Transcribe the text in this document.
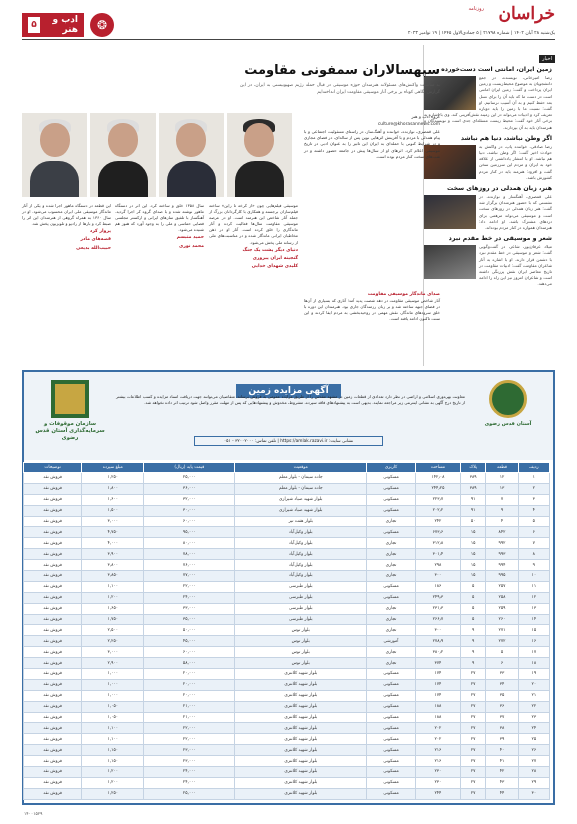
خراسان
روزنامه
یک‌شنبه ۲۸ آبان ۱۴۰۲ | شماره ۲۱۷۹۸ | ۵ جمادی‌الاول ۱۴۴۵ | ۱۹ نوامبر ۲۰۲۳
❂
ادب و هنر
۵
اخبار
زمین ایران، امانتی است دست‌خورده
رضا امیرخانی، نویسنده، در جمع دانشجویان به موضوع محیط‌زیست و زمین ایران پرداخت و گفت: زمین ایران امانتی است در دست ما که باید آن را برای نسل بعد حفظ کنیم و به آن آسیب نرسانیم. او گفت: نسبت ما با زمین را باید دوباره تعریف کرد و ادبیات می‌تواند در این زمینه نقش‌آفرینی کند. وی با اشاره به برخی آثار خود گفت: محیط زیست مسئله‌ای جدی است و نویسندگان و هنرمندان باید به آن بپردازند.
اگر وطن نباشد، دنیا هم نباشد
رضا صادقی، خواننده پاپ، در واکنش به حوادث اخیر گفت: اگر وطن نباشد، دنیا هم نباشد. او با انتشار یادداشتی از علاقه خود به ایران و مردم این سرزمین سخن گفت و افزود: هنرمند باید در کنار مردم کشورش باشد.
هنر، زبان همدلی در روزهای سخت
علی قمصری، آهنگساز و نوازنده، در نشستی که با حضور هنرمندان برگزار شد گفت: هنر زبان همدلی در روزهای سخت است و موسیقی می‌تواند مرهمی برای دردهای مشترک باشد. او ادامه داد: هنرمندان همواره در کنار مردم بوده‌اند.
شعر و موسیقی در خط مقدم نبرد
میلاد عرفان‌پور، شاعر، در گفت‌وگویی گفت: شعر و موسیقی در خط مقدم نبرد با دشمن قرار دارند. او با اشاره به آثار شاعران مقاومت گفت: ادبیات مقاومت در تاریخ معاصر ایران نقش پررنگی داشته است و شاعران امروز نیز این راه را ادامه می‌دهند.
سپهسالاران سمفونی مقاومت

به مناسبت واکنش‌های مسئولانه هنرمندان حوزه موسیقی در قبال حمله رژیم صهیونیستی به ایران، در این گزارش نگاهی کوتاه بر برخی آثار موسیقی مقاومت ایران انداخته‌ایم

گروه ادب و هنر
culture@khorasannews.com

علی قمصری، نوازنده، خواننده و آهنگ‌ساز، در راستای مسئولیت اجتماعی و با پیام همدلی با مردم و با آفرینش اثرهایی نوین پس از ساله‌ای، در فضای مجازی و در شرایط کنونی با حمله‌ای به ایران این تاثیر را به عنوان ادبی در تاریخ موسیقی اعلام کرد. اثرهای او از سال‌ها پیش در جامعه حضور داشته و در شب‌های سخت کنار مردم بوده است.

صدای ماندگار موسیقی مقاومت

آثار شاخص موسیقی مقاومت در دهه شصت پدید آمد؛ آثاری که بسیاری از آن‌ها در فضای جبهه ساخته شد و بر زبان رزمندگان جاری بود. هنرمندان این دوره با خلق سرودهای ماندگار، نقش مهمی در روحیه‌بخشی به مردم ایفا کردند و این سنت تاکنون ادامه یافته است.

موسیقی فیلم‌هایی چون «از کرخه تا راین» ساخته فیلم‌سازان برجسته و همکاری با کارگردانان بزرگ از جمله آثار شاخص این هنرمند است. او در عرصه موسیقی مقاومت سال‌ها فعالیت کرده و آثار ماندگاری را خلق کرده است. آثار او در ذهن مخاطبان ایرانی ماندگار شده و در مناسبت‌های ملی از رسانه ملی پخش می‌شود.

دنیای دیگر پشت یک جنگ
گنجینه ایران پیروزی
کلیدی شهدای خدایی

سال ۱۳۵۸ خلق و ساخته کرد. این اثر در دستگاه ماهور نوشته شده و با صدای گروه کر اجرا گردید. آهنگساز با تلفیق سازهای ایرانی و ارکستر مجلسی فضایی حماسی و ملی را به وجود آورد که هنوز هم شنیده می‌شود.

حمید متبسم
محمد نوری

این قطعه در دستگاه ماهور اجرا شده و یکی از آثار ماندگار موسیقی ملی ایران محسوب می‌شود. او در سال ۱۳۶۰ به همراه گروهی از هنرمندان این اثر را ضبط کرد و بارها از رادیو و تلویزیون پخش شد.

پرواز کرد
قصه‌های مادر
حبیب‌الله بدیعی
آگهی مزایده زمین

معاونت بهره‌وری اسلامی و اراضی در نظر دارد تعدادی از قطعات زمین در مشهد مقدس را از طریق مزایده عمومی به فروش برساند. متقاضیان می‌توانند جهت دریافت اسناد مزایده و کسب اطلاعات بیشتر از تاریخ درج آگهی به نشانی اینترنتی زیر مراجعه نمایند. بدیهی است به پیشنهادهای فاقد سپرده، مشروط، مخدوش و پیشنهادهایی که پس از مهلت مقرر واصل شود ترتیب اثر داده نخواهد شد.

نشانی سایت: https://amlak.razavi.ir | تلفن تماس: ۳۲۰۰۲۰۰۰ - ۰۵۱
آستان قدس رضوی
سازمان موقوفات و سرمایه‌گذاری آستان قدس رضوی
ردیف	قطعه	پلاک	مساحت	کاربری	موقعیت	قیمت پایه (ریال)	مبلغ سپرده	توضیحات
۱	۱۲	۳۸۹	۱۴۲٫۰۸	مسکونی	جاده سیمان - بلوار معلم	۲۵,۰۰۰	۱,۲۵۰	فروش نقد
۲	۱۳	۳۸۹	۲۴۴٫۲۵	مسکونی	جاده سیمان - بلوار معلم	۳۶,۰۰۰	۱,۸۰۰	فروش نقد
۳	۷	۹۱	۲۲۳٫۷	مسکونی	بلوار شهید صیاد شیرازی	۳۲,۰۰۰	۱,۶۰۰	فروش نقد
۴	۹	۹۱	۲۰۲٫۲	مسکونی	بلوار شهید صیاد شیرازی	۳۰,۰۰۰	۱,۵۰۰	فروش نقد
۵	۴	۵۰	۲۴۲	تجاری	بلوار هفت تیر	۶۰,۰۰۰	۳,۰۰۰	فروش نقد
۶	۸۴۲	۱۵	۶۷۳٫۶	مسکونی	بلوار وکیل‌آباد	۹۵,۰۰۰	۴,۷۵۰	فروش نقد
۷	۹۹۲	۱۵	۳۱۲٫۸	تجاری	بلوار وکیل‌آباد	۸۰,۰۰۰	۴,۰۰۰	فروش نقد
۸	۹۹۳	۱۵	۳۰۱٫۴	تجاری	بلوار وکیل‌آباد	۷۸,۰۰۰	۳,۹۰۰	فروش نقد
۹	۹۹۴	۱۵	۲۹۸	تجاری	بلوار وکیل‌آباد	۷۶,۰۰۰	۳,۸۰۰	فروش نقد
۱۰	۹۹۵	۱۵	۳۰۰	تجاری	بلوار وکیل‌آباد	۷۷,۰۰۰	۳,۸۵۰	فروش نقد
۱۱	۲۵۷	۵	۱۸۶	مسکونی	بلوار طبرسی	۲۲,۰۰۰	۱,۱۰۰	فروش نقد
۱۲	۲۵۸	۵	۲۴۹٫۳	مسکونی	بلوار طبرسی	۲۴,۰۰۰	۱,۲۰۰	فروش نقد
۱۳	۲۵۹	۵	۲۳۱٫۳	تجاری	بلوار طبرسی	۳۳,۰۰۰	۱,۶۵۰	فروش نقد
۱۴	۲۶۰	۵	۲۶۶٫۷	تجاری	بلوار طبرسی	۳۵,۰۰۰	۱,۷۵۰	فروش نقد
۱۵	۲۷۱	۹	۳۰۰	تجاری	بلوار توس	۵۰,۰۰۰	۲,۵۰۰	فروش نقد
۱۶	۲۷۲	۹	۲۷۸٫۹	آموزشی	بلوار توس	۴۵,۰۰۰	۲,۲۵۰	فروش نقد
۱۷	۵	۹	۳۸۰٫۲	تجاری	بلوار توس	۶۰,۰۰۰	۳,۰۰۰	فروش نقد
۱۸	۶	۹	۳۷۴	تجاری	بلوار توس	۵۸,۰۰۰	۲,۹۰۰	فروش نقد
۱۹	۳۳	۲۷	۱۷۴	مسکونی	بلوار شهید کلانتری	۲۰,۰۰۰	۱,۰۰۰	فروش نقد
۲۰	۳۴	۲۷	۱۷۴	مسکونی	بلوار شهید کلانتری	۲۰,۰۰۰	۱,۰۰۰	فروش نقد
۲۱	۳۵	۲۷	۱۷۴	مسکونی	بلوار شهید کلانتری	۲۰,۰۰۰	۱,۰۰۰	فروش نقد
۲۲	۳۶	۲۷	۱۸۸	مسکونی	بلوار شهید کلانتری	۲۱,۰۰۰	۱,۰۵۰	فروش نقد
۲۳	۳۷	۲۷	۱۸۸	مسکونی	بلوار شهید کلانتری	۲۱,۰۰۰	۱,۰۵۰	فروش نقد
۲۴	۳۸	۲۷	۲۰۲	مسکونی	بلوار شهید کلانتری	۲۲,۰۰۰	۱,۱۰۰	فروش نقد
۲۵	۳۹	۲۷	۲۰۲	مسکونی	بلوار شهید کلانتری	۲۲,۰۰۰	۱,۱۰۰	فروش نقد
۲۶	۴۰	۲۷	۲۱۶	مسکونی	بلوار شهید کلانتری	۲۳,۰۰۰	۱,۱۵۰	فروش نقد
۲۷	۴۱	۲۷	۲۱۶	مسکونی	بلوار شهید کلانتری	۲۳,۰۰۰	۱,۱۵۰	فروش نقد
۲۸	۴۲	۲۷	۲۳۰	مسکونی	بلوار شهید کلانتری	۲۴,۰۰۰	۱,۲۰۰	فروش نقد
۲۹	۴۳	۲۷	۲۳۰	مسکونی	بلوار شهید کلانتری	۲۴,۰۰۰	۱,۲۰۰	فروش نقد
۳۰	۴۴	۲۷	۲۴۴	مسکونی	بلوار شهید کلانتری	۲۵,۰۰۰	۱,۲۵۰	فروش نقد
۱۴۰۰۱۵۲۹
